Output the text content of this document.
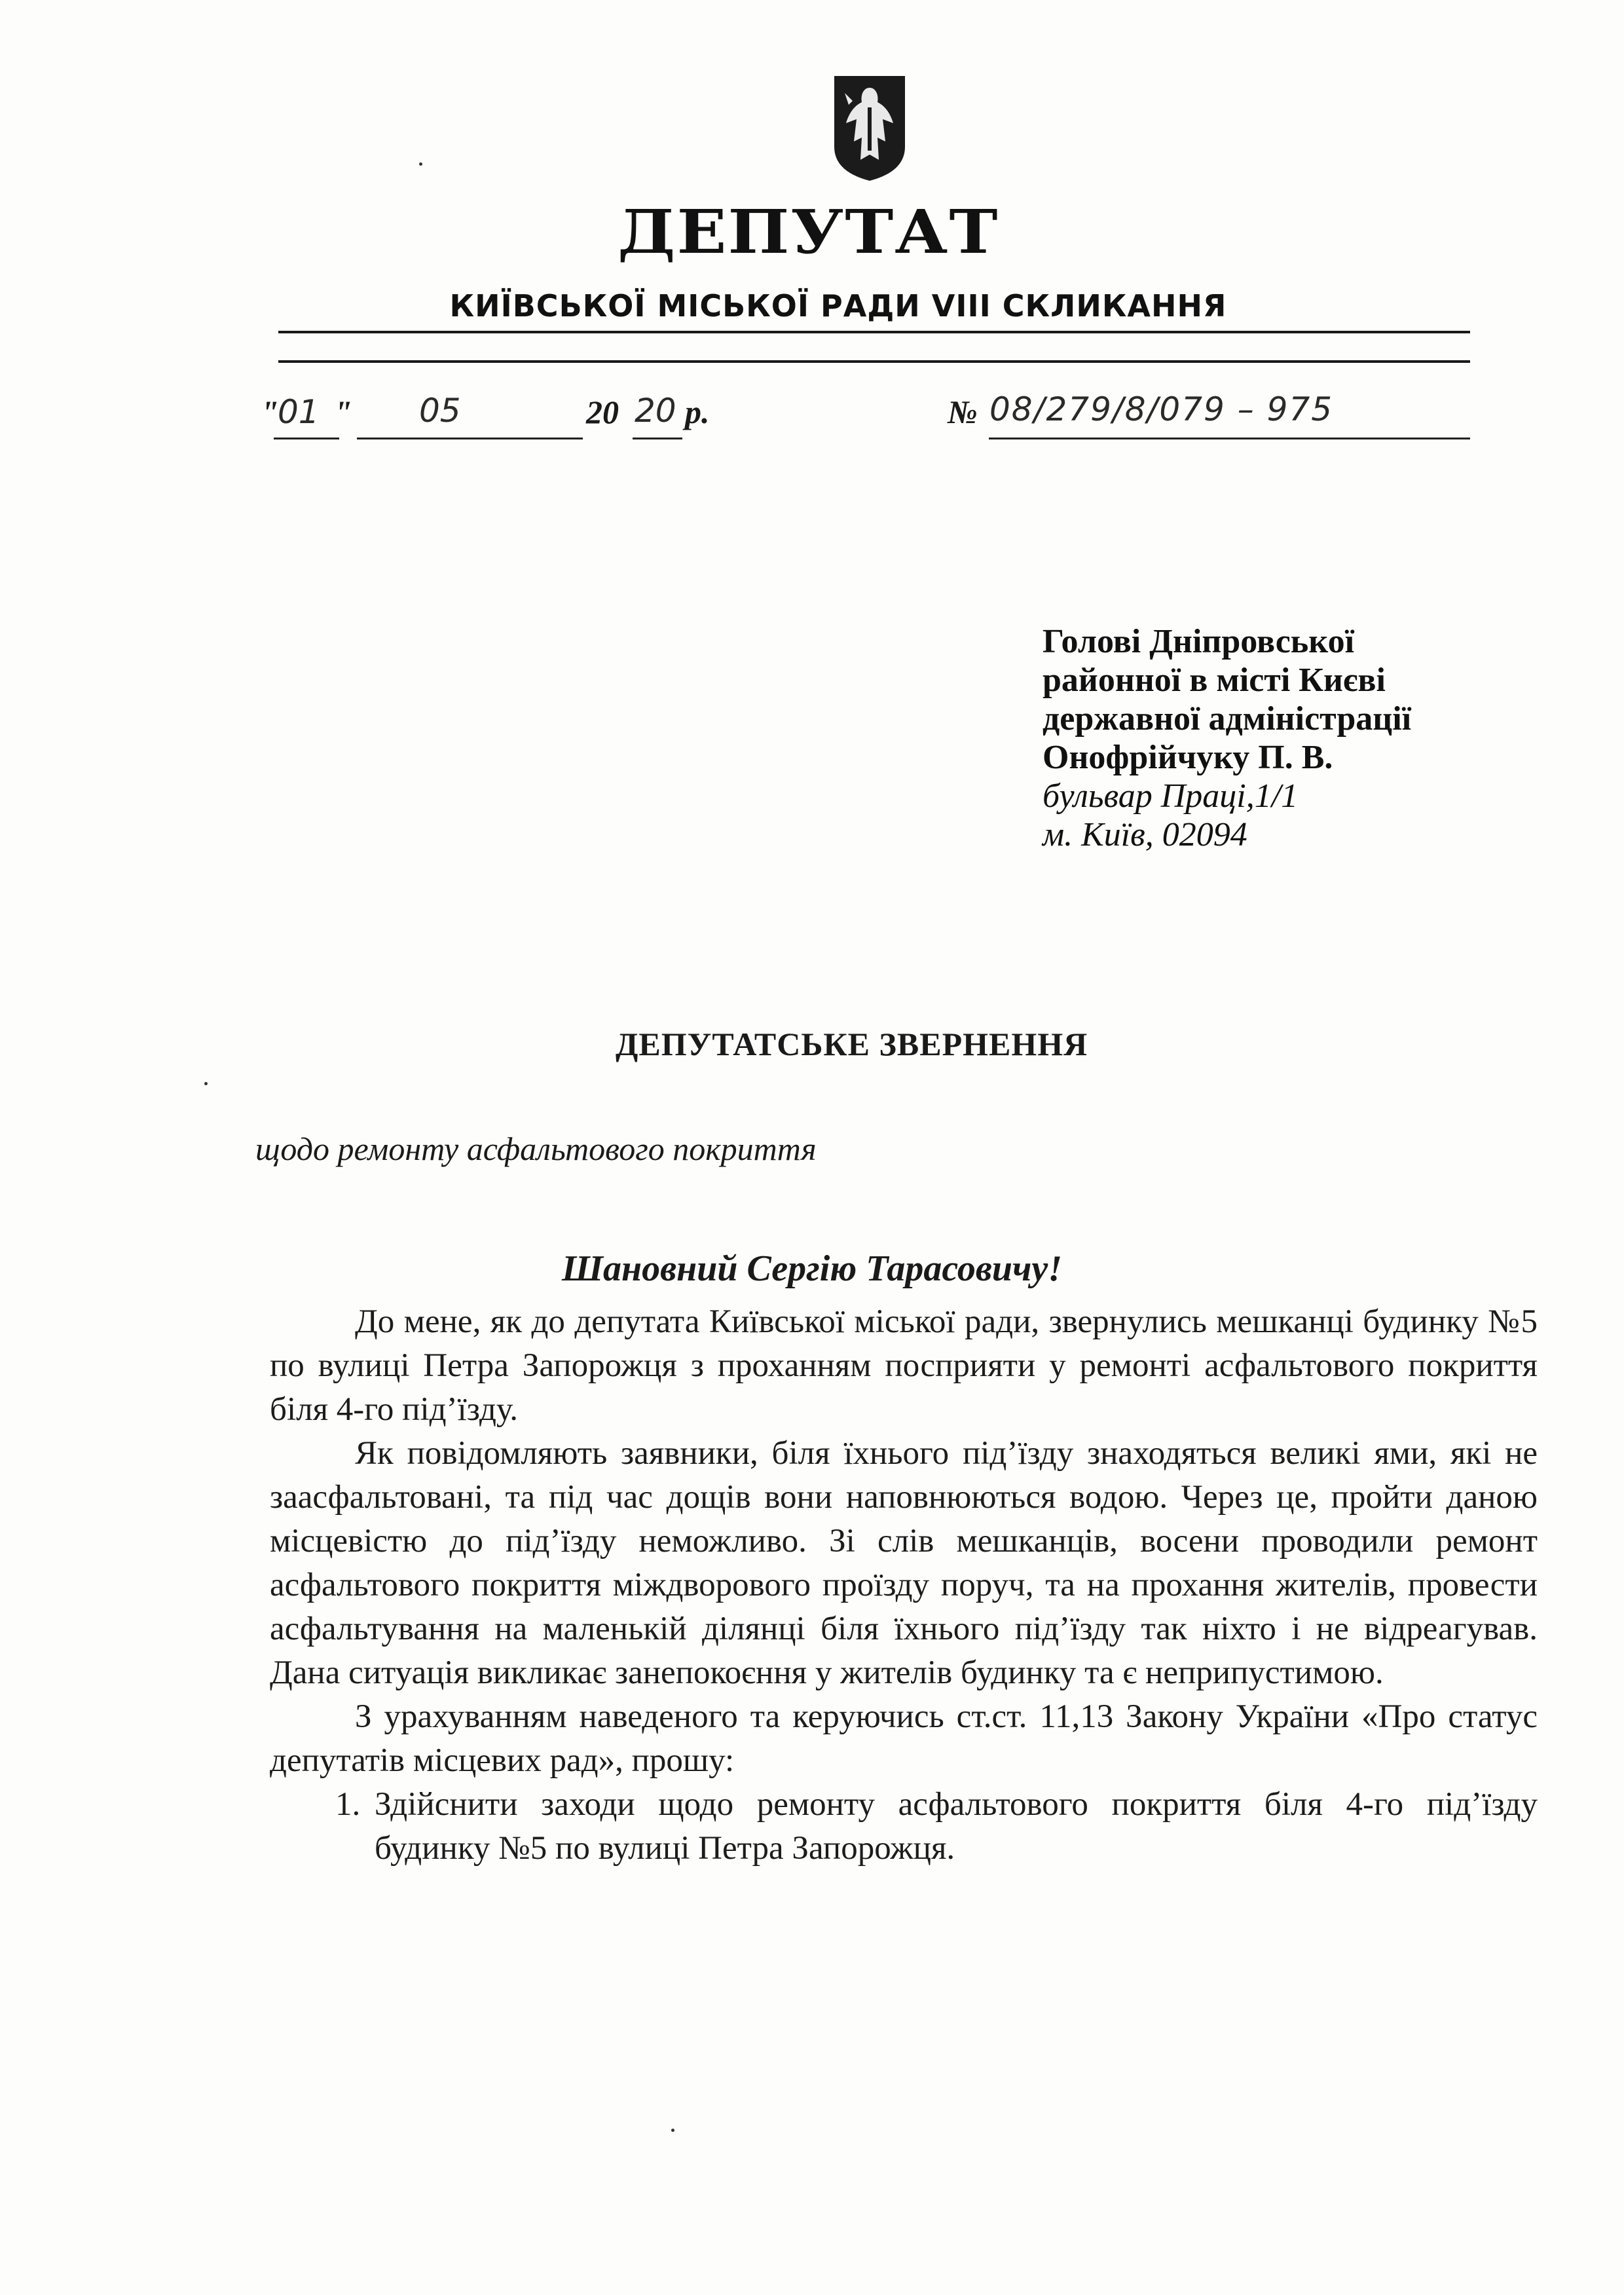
ДЕПУТАТ
КИЇВСЬКОЇ МІСЬКОЇ РАДИ VIII СКЛИКАННЯ
"
01 " 05	20 20 р.	№ 08/279/8/079 – 975
Голові Дніпровської
районної в місті Києві
державної адміністрації
Онофрійчуку П. В.
бульвар Праці,1/1
м. Київ, 02094
ДЕПУТАТСЬКЕ ЗВЕРНЕННЯ
щодо ремонту асфальтового покриття
Шановний Сергію Тарасовичу!

До мене, як до депутата Київської міської ради, звернулись мешканці будинку №5 по вулиці Петра Запорожця з проханням посприяти у ремонті асфальтового покриття біля 4-го під’їзду.

Як повідомляють заявники, біля їхнього під’їзду знаходяться великі ями, які не заасфальтовані, та під час дощів вони наповнюються водою. Через це, пройти даною місцевістю до під’їзду неможливо. Зі слів мешканців, восени проводили ремонт асфальтового покриття міждворового проїзду поруч, та на прохання жителів, провести асфальтування на маленькій ділянці біля їхнього під’їзду так ніхто і не відреагував. Дана ситуація викликає занепокоєння у жителів будинку та є неприпустимою.

З урахуванням наведеного та керуючись ст.ст. 11,13 Закону України «Про статус депутатів місцевих рад», прошу:

1. Здійснити заходи щодо ремонту асфальтового покриття біля 4-го під’їзду будинку №5 по вулиці Петра Запорожця.
